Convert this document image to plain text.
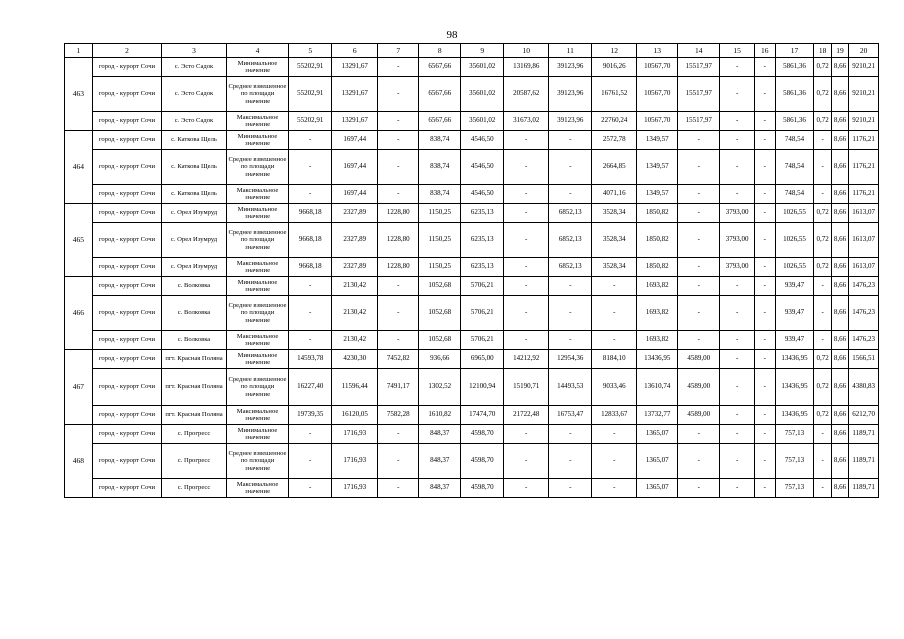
98
1	2	3	4	5	6	7	8	9	10	11	12	13	14	15	16	17	18	19	20
463	город - курорт Сочи	с. Эсто Садок	Минимальное значение	55202,91	13291,67	-	6567,66	35601,02	13169,86	39123,96	9016,26	10567,70	15517,97	-	-	5861,36	0,72	8,66	9210,21
	город - курорт Сочи	с. Эсто Садок	Среднее взвешенное по площади значение	55202,91	13291,67	-	6567,66	35601,02	20587,62	39123,96	16761,52	10567,70	15517,97	-	-	5861,36	0,72	8,66	9210,21
	город - курорт Сочи	с. Эсто Садок	Максимальное значение	55202,91	13291,67	-	6567,66	35601,02	31673,02	39123,96	22760,24	10567,70	15517,97	-	-	5861,36	0,72	8,66	9210,21
464	город - курорт Сочи	с. Каткова Щель	Минимальное значение	-	1697,44	-	838,74	4546,50	-	-	2572,78	1349,57	-	-	-	748,54	-	8,66	1176,21
	город - курорт Сочи	с. Каткова Щель	Среднее взвешенное по площади значение	-	1697,44	-	838,74	4546,50	-	-	2664,85	1349,57	-	-	-	748,54	-	8,66	1176,21
	город - курорт Сочи	с. Каткова Щель	Максимальное значение	-	1697,44	-	838,74	4546,50	-	-	4071,16	1349,57	-	-	-	748,54	-	8,66	1176,21
465	город - курорт Сочи	с. Орел Изумруд	Минимальное значение	9668,18	2327,89	1228,80	1150,25	6235,13	-	6852,13	3528,34	1850,82	-	3793,00	-	1026,55	0,72	8,66	1613,07
	город - курорт Сочи	с. Орел Изумруд	Среднее взвешенное по площади значение	9668,18	2327,89	1228,80	1150,25	6235,13	-	6852,13	3528,34	1850,82	-	3793,00	-	1026,55	0,72	8,66	1613,07
	город - курорт Сочи	с. Орел Изумруд	Максимальное значение	9668,18	2327,89	1228,80	1150,25	6235,13	-	6852,13	3528,34	1850,82	-	3793,00	-	1026,55	0,72	8,66	1613,07
466	город - курорт Сочи	с. Волковка	Минимальное значение	-	2130,42	-	1052,68	5706,21	-	-	-	1693,82	-	-	-	939,47	-	8,66	1476,23
	город - курорт Сочи	с. Волковка	Среднее взвешенное по площади значение	-	2130,42	-	1052,68	5706,21	-	-	-	1693,82	-	-	-	939,47	-	8,66	1476,23
	город - курорт Сочи	с. Волковка	Максимальное значение	-	2130,42	-	1052,68	5706,21	-	-	-	1693,82	-	-	-	939,47	-	8,66	1476,23
467	город - курорт Сочи	пгт. Красная Поляна	Минимальное значение	14593,78	4230,30	7452,82	936,66	6965,00	14212,92	12954,36	8184,10	13436,95	4589,00	-	-	13436,95	0,72	8,66	1566,51
	город - курорт Сочи	пгт. Красная Поляна	Среднее взвешенное по площади значение	16227,40	11596,44	7491,17	1302,52	12100,94	15190,71	14493,53	9033,46	13610,74	4589,00	-	-	13436,95	0,72	8,66	4380,83
	город - курорт Сочи	пгт. Красная Поляна	Максимальное значение	19739,35	16120,05	7582,28	1610,82	17474,70	21722,48	16753,47	12833,67	13732,77	4589,00	-	-	13436,95	0,72	8,66	6212,70
468	город - курорт Сочи	с. Прогресс	Минимальное значение	-	1716,93	-	848,37	4598,70	-	-	-	1365,07	-	-	-	757,13	-	8,66	1189,71
	город - курорт Сочи	с. Прогресс	Среднее взвешенное по площади значение	-	1716,93	-	848,37	4598,70	-	-	-	1365,07	-	-	-	757,13	-	8,66	1189,71
	город - курорт Сочи	с. Прогресс	Максимальное значение	-	1716,93	-	848,37	4598,70	-	-	-	1365,07	-	-	-	757,13	-	8,66	1189,71
